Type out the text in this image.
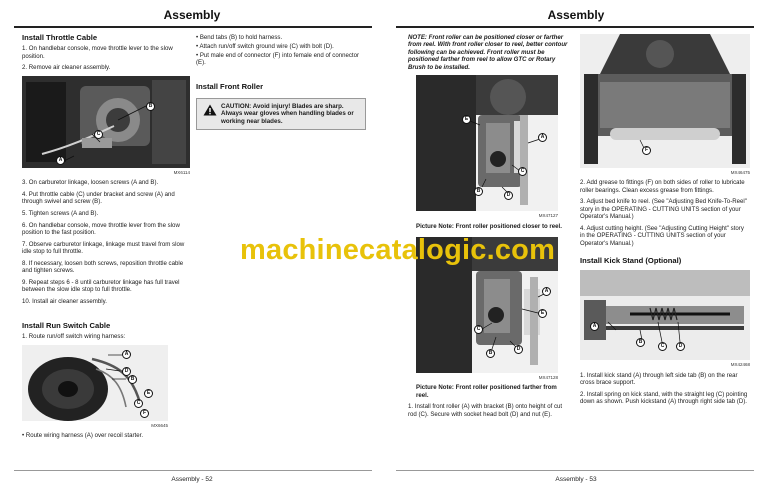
Assembly
Install Throttle Cable

1. On handlebar console, move throttle lever to the slow position.

2. Remove air cleaner assembly.

B
C
A
MX6114

3. On carburetor linkage, loosen screws (A and B).

4. Put throttle cable (C) under bracket and screw (A) and through swivel and screw (B).

5. Tighten screws (A and B).

6. On handlebar console, move throttle lever from the slow position to the fast position.

7. Observe carburetor linkage, linkage must travel from slow idle stop to full throttle.

8. If necessary, loosen both screws, reposition throttle cable and tighten screws.

9. Repeat steps 6 - 8 until carburetor linkage has full travel between the slow idle stop to full throttle.

10. Install air cleaner assembly.

Install Run Switch Cable

1. Route run/off switch wiring harness:

A
D
B
E
C
F
MX6645

• Route wiring harness (A) over recoil starter.

• Bend tabs (B) to hold harness.

• Attach run/off switch ground wire (C) with bolt (D).

• Put male end of connector (F) into female end of connector (E).

Install Front Roller
CAUTION: Avoid injury! Blades are sharp. Always wear gloves when handling blades or working near blades.
Assembly - 52
Assembly

NOTE: Front roller can be positioned closer or farther from reel. With front roller closer to reel, better contour following can be achieved. Front roller must be positioned farther from reel to allow GTC or Rotary Brush to be installed.

E
A
C
B
D
MX47127

Picture Note: Front roller positioned closer to reel.

A
E
C
B
D
MX47128

Picture Note: Front roller positioned farther from reel.

1. Install front roller (A) with bracket (B) onto height of cut rod (C). Secure with socket head bolt (D) and nut (E).

F
MX46475

2. Add grease to fittings (F) on both sides of roller to lubricate roller bearings. Clean excess grease from fittings.

3. Adjust bed knife to reel. (See "Adjusting Bed Knife-To-Reel" story in the OPERATING - CUTTING UNITS section of your Operator's Manual.)

4. Adjust cutting height. (See "Adjusting Cutting Height" story in the OPERATING - CUTTING UNITS section of your Operator's Manual.)

Install Kick Stand (Optional)
A
B
C	D
MX42468

1. Install kick stand (A) through left side tab (B) on the rear cross brace support.

2. Install spring on kick stand, with the straight leg (C) pointing down as shown. Push kickstand (A) through right side tab (D).

Assembly - 53
machinecatalogic.com
